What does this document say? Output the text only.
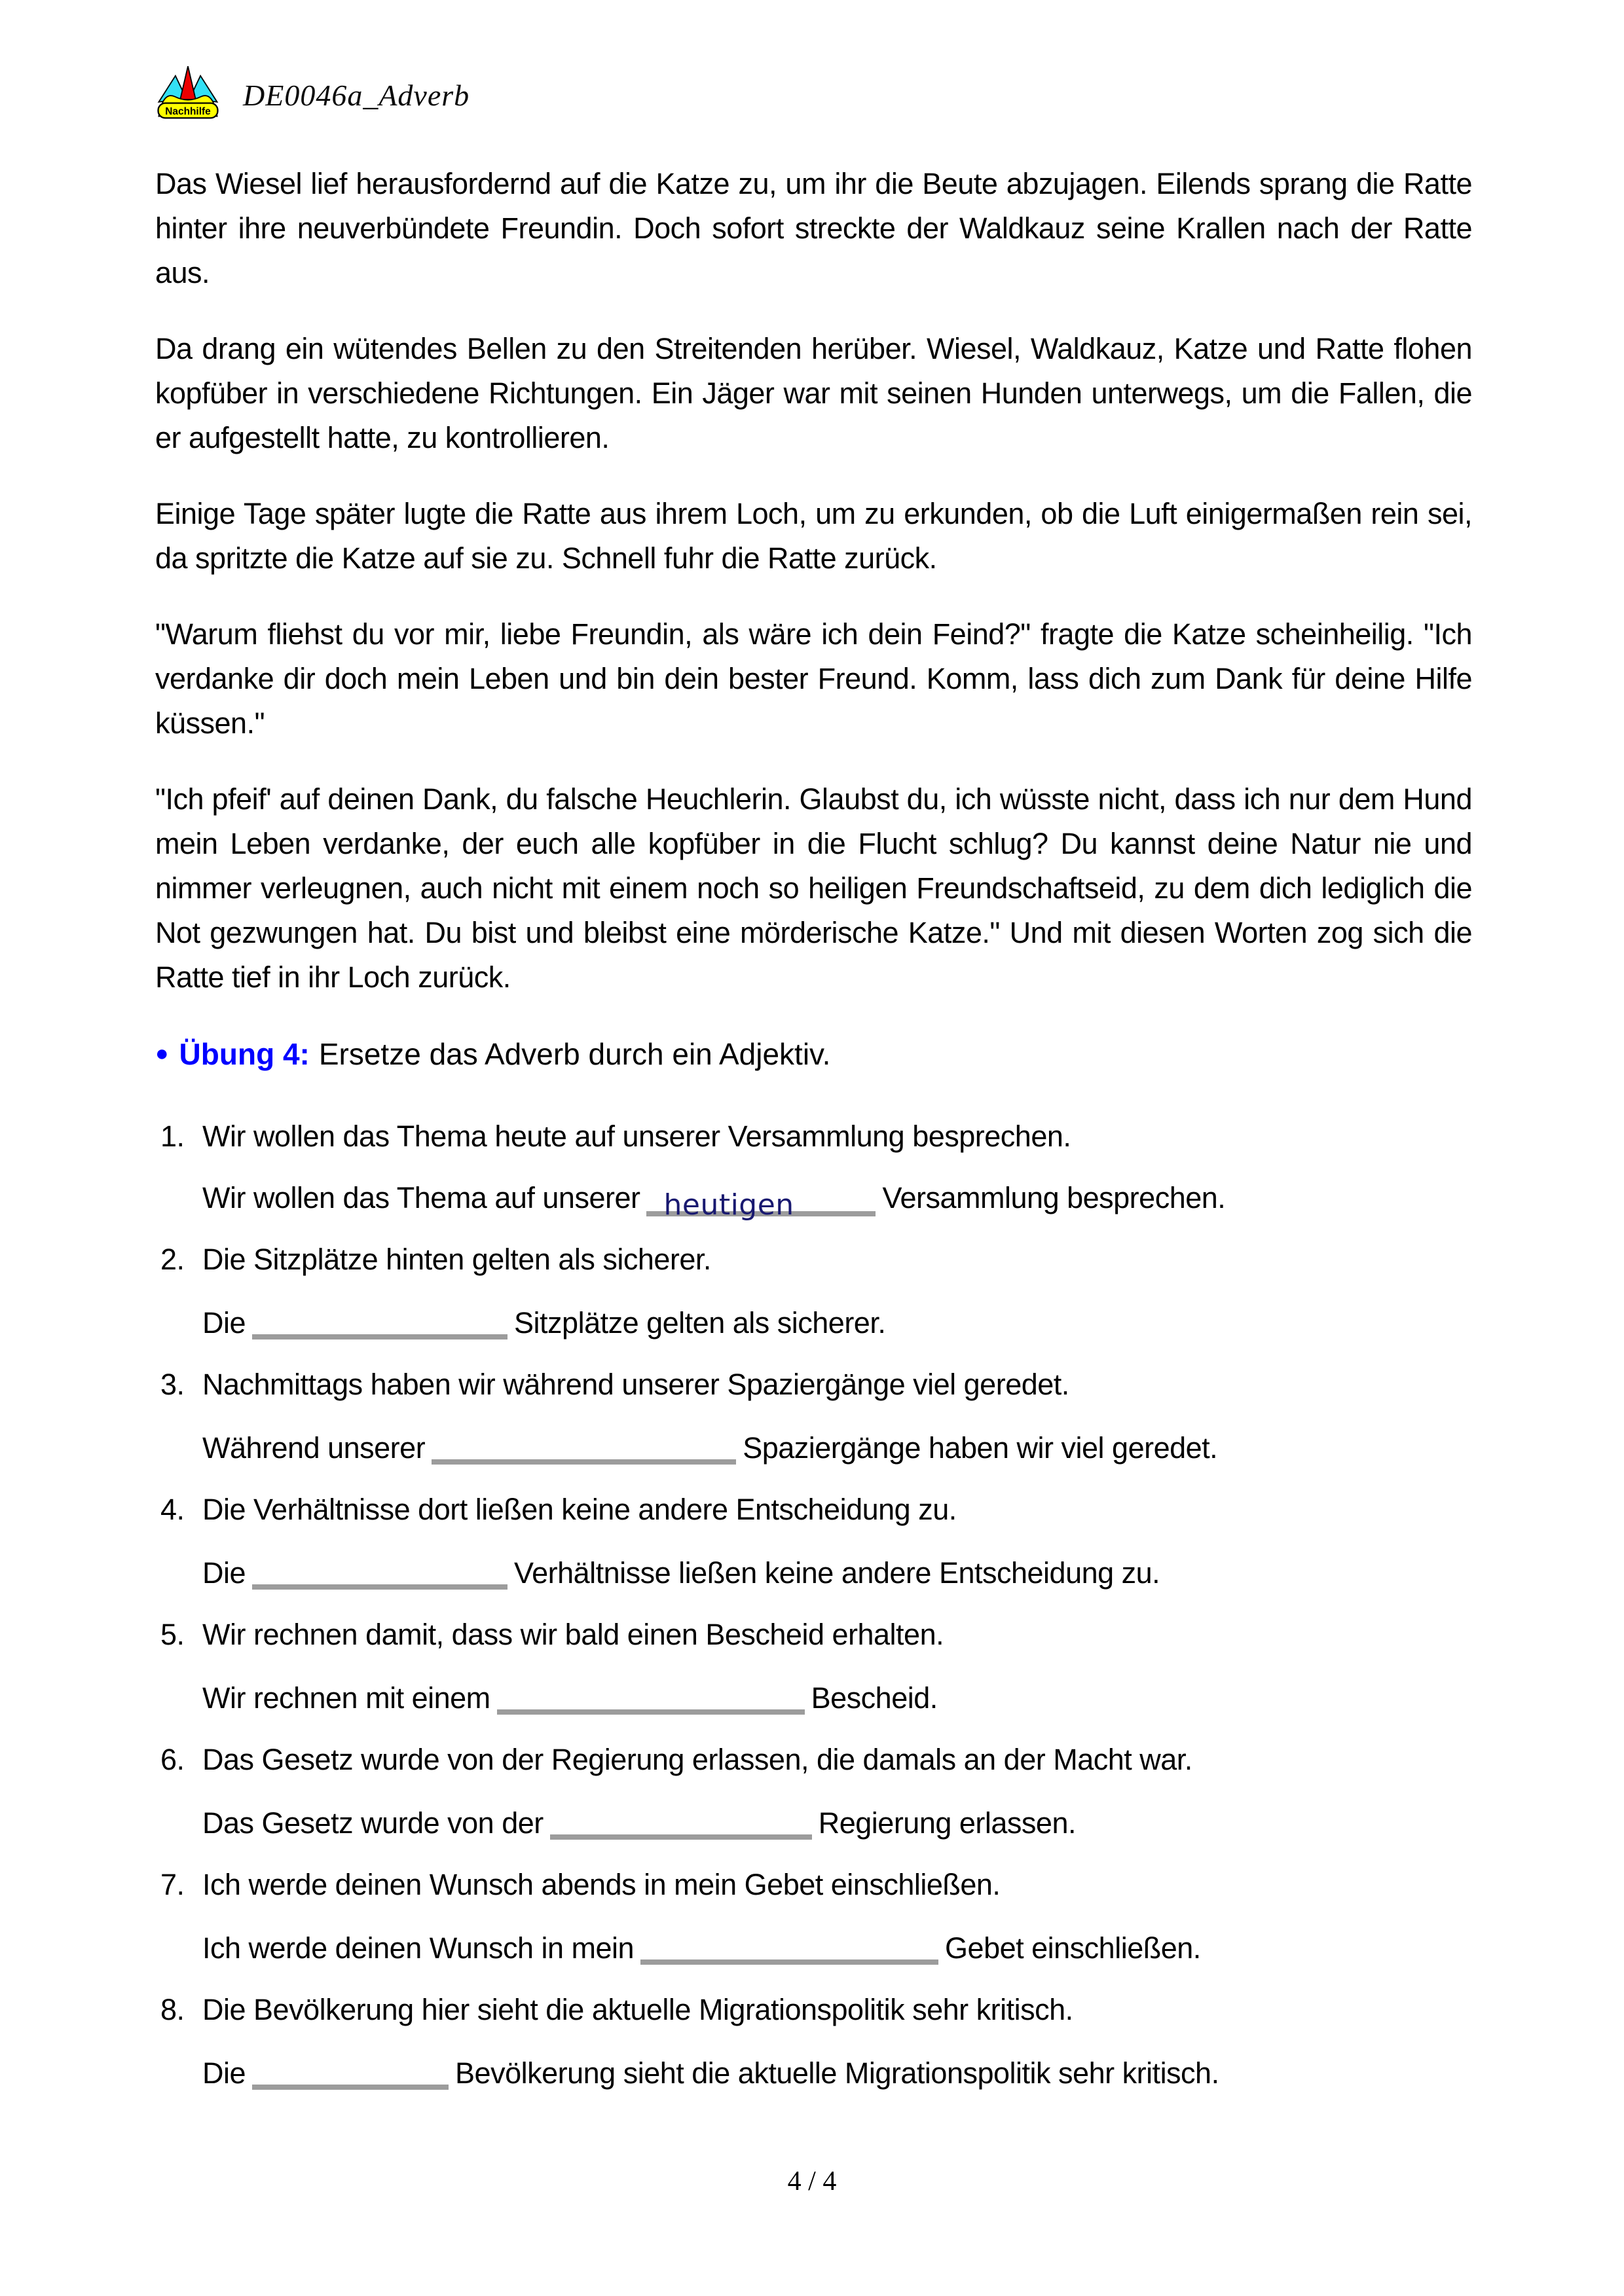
Nachhilfe DE0046a_Adverb

Das Wiesel lief herausfordernd auf die Katze zu, um ihr die Beute abzujagen. Eilends sprang die Ratte hinter ihre neuverbündete Freundin. Doch sofort streckte der Waldkauz seine Krallen nach der Ratte aus.

Da drang ein wütendes Bellen zu den Streitenden herüber. Wiesel, Waldkauz, Katze und Ratte flohen kopfüber in verschiedene Richtungen. Ein Jäger war mit seinen Hunden unterwegs, um die Fallen, die er aufgestellt hatte, zu kontrollieren.

Einige Tage später lugte die Ratte aus ihrem Loch, um zu erkunden, ob die Luft einigermaßen rein sei, da spritzte die Katze auf sie zu. Schnell fuhr die Ratte zurück.

"Warum fliehst du vor mir, liebe Freundin, als wäre ich dein Feind?" fragte die Katze scheinheilig. "Ich verdanke dir doch mein Leben und bin dein bester Freund. Komm, lass dich zum Dank für deine Hilfe küssen."

"Ich pfeif' auf deinen Dank, du falsche Heuchlerin. Glaubst du, ich wüsste nicht, dass ich nur dem Hund mein Leben verdanke, der euch alle kopfüber in die Flucht schlug? Du kannst deine Natur nie und nimmer verleugnen, auch nicht mit einem noch so heiligen Freundschaftseid, zu dem dich lediglich die Not gezwungen hat. Du bist und bleibst eine mörderische Katze." Und mit diesen Worten zog sich die Ratte tief in ihr Loch zurück.

● Übung 4: Ersetze das Adverb durch ein Adjektiv.
1. Wir wollen das Thema heute auf unserer Versammlung besprechen.
Wir wollen das Thema auf unserer heutigen	Versammlung besprechen.
2. Die Sitzplätze hinten gelten als sicherer.
Die	Sitzplätze gelten als sicherer.
3. Nachmittags haben wir während unserer Spaziergänge viel geredet.
Während unserer	Spaziergänge haben wir viel geredet.
4. Die Verhältnisse dort ließen keine andere Entscheidung zu.
Die	Verhältnisse ließen keine andere Entscheidung zu.
5. Wir rechnen damit, dass wir bald einen Bescheid erhalten.
Wir rechnen mit einem	Bescheid.
6. Das Gesetz wurde von der Regierung erlassen, die damals an der Macht war.
Das Gesetz wurde von der	Regierung erlassen.
7. Ich werde deinen Wunsch abends in mein Gebet einschließen.
Ich werde deinen Wunsch in mein	Gebet einschließen.
8. Die Bevölkerung hier sieht die aktuelle Migrationspolitik sehr kritisch.
Die	Bevölkerung sieht die aktuelle Migrationspolitik sehr kritisch.
4 / 4
